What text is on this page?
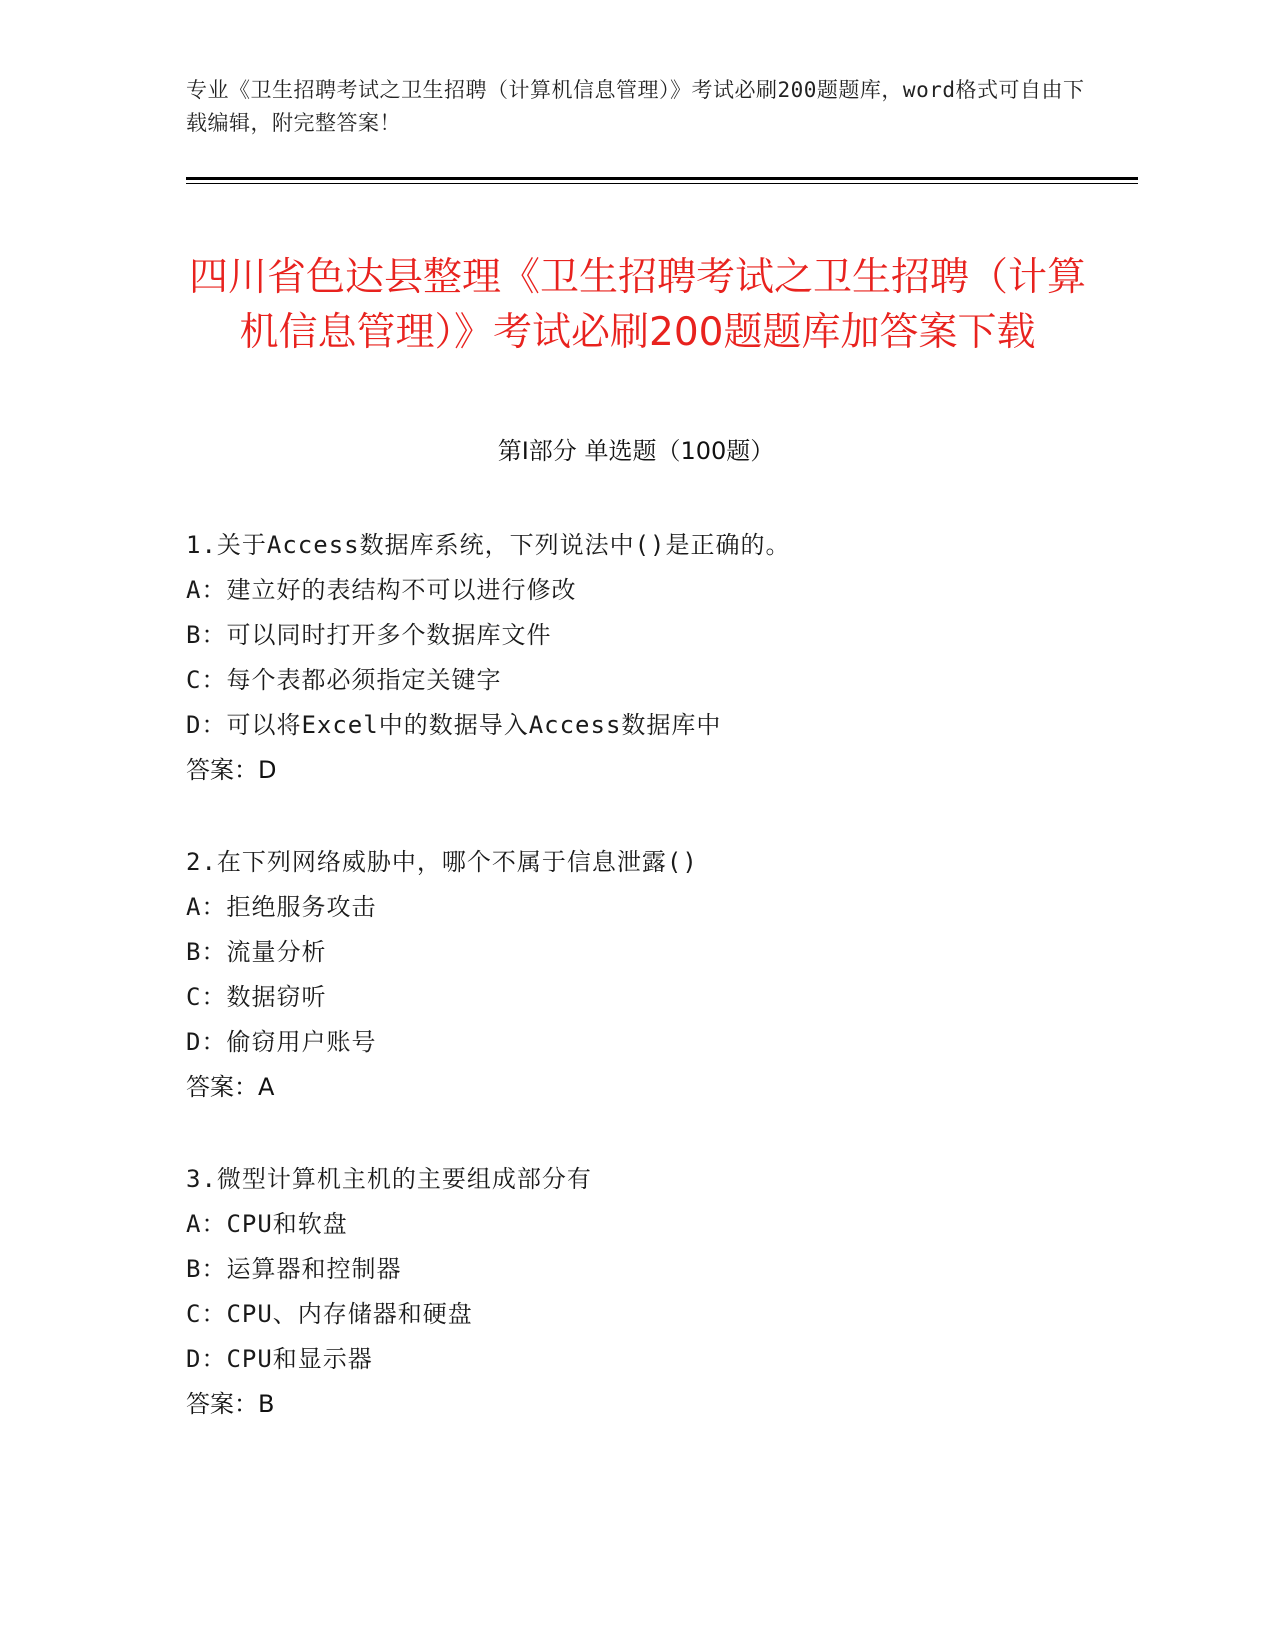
专业《卫生招聘考试之卫生招聘（计算机信息管理）》考试必刷200题题库，word格式可自由下载编辑，附完整答案！
四川省色达县整理《卫生招聘考试之卫生招聘（计算机信息管理）》考试必刷200题题库加答案下载
第Ⅰ部分 单选题（100题）
1.关于Access数据库系统，下列说法中()是正确的。
A：建立好的表结构不可以进行修改
B：可以同时打开多个数据库文件
C：每个表都必须指定关键字
D：可以将Excel中的数据导入Access数据库中
答案：D
2.在下列网络威胁中，哪个不属于信息泄露()
A：拒绝服务攻击
B：流量分析
C：数据窃听
D：偷窃用户账号
答案：A
3.微型计算机主机的主要组成部分有
A：CPU和软盘
B：运算器和控制器
C：CPU、内存储器和硬盘
D：CPU和显示器
答案：B
